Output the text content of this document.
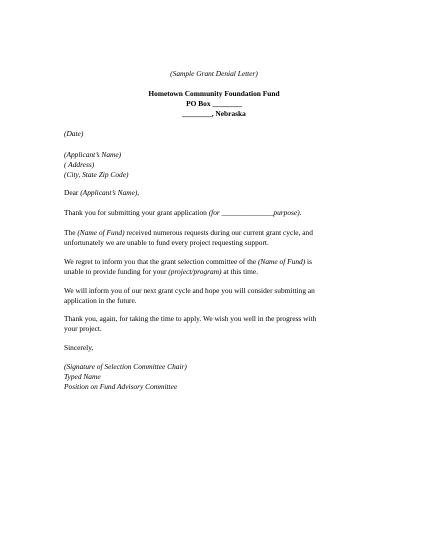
(Sample Grant Denial Letter)
Hometown Community Foundation Fund
PO Box ________
________, Nebraska
(Date)
(Applicant’s Name)
( Address)
(City, State Zip Code)
Dear (Applicant’s Name),
Thank you for submitting your grant application (for ______________purpose).
The (Name of Fund) received numerous requests during our current grant cycle, and
unfortunately we are unable to fund every project requesting support.
We regret to inform you that the grant selection committee of the (Name of Fund) is
unable to provide funding for your (project/program) at this time.
We will inform you of our next grant cycle and hope you will consider submitting an
application in the future.
Thank you, again, for taking the time to apply. We wish you well in the progress with
your project.
Sincerely,
(Signature of Selection Committee Chair)
Typed Name
Position on Fund Advisory Committee
